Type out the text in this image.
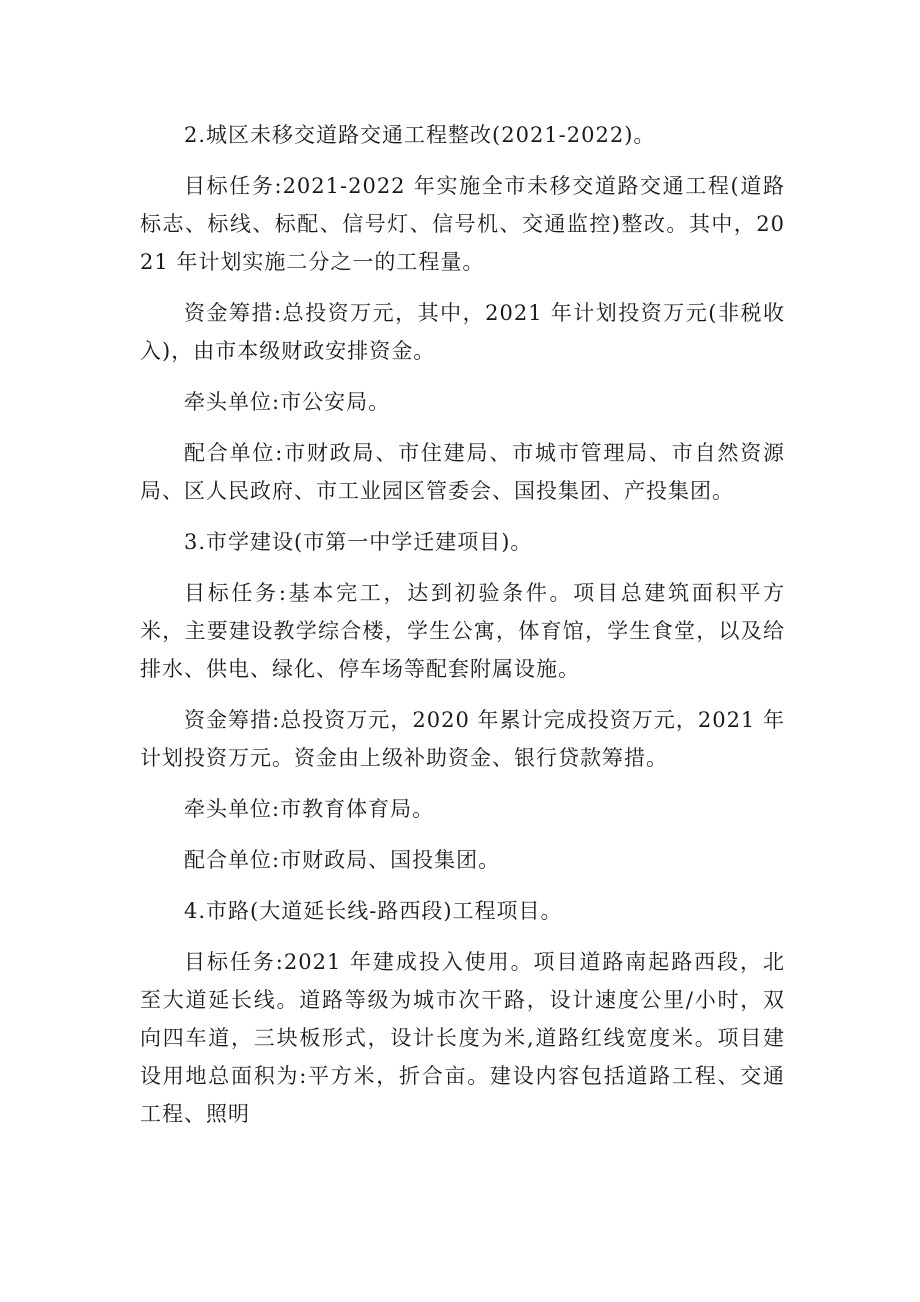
2.城区未移交道路交通工程整改(2021-2022)。

目标任务:2021-2022 年实施全市未移交道路交通工程(道路标志、标线、标配、信号灯、信号机、交通监控)整改。其中，2021 年计划实施二分之一的工程量。

资金筹措:总投资万元，其中，2021 年计划投资万元(非税收入)，由市本级财政安排资金。

牵头单位:市公安局。

配合单位:市财政局、市住建局、市城市管理局、市自然资源局、区人民政府、市工业园区管委会、国投集团、产投集团。

3.市学建设(市第一中学迁建项目)。

目标任务:基本完工，达到初验条件。项目总建筑面积平方米，主要建设教学综合楼，学生公寓，体育馆，学生食堂，以及给排水、供电、绿化、停车场等配套附属设施。

资金筹措:总投资万元，2020 年累计完成投资万元，2021 年计划投资万元。资金由上级补助资金、银行贷款筹措。

牵头单位:市教育体育局。

配合单位:市财政局、国投集团。

4.市路(大道延长线-路西段)工程项目。

目标任务:2021 年建成投入使用。项目道路南起路西段，北至大道延长线。道路等级为城市次干路，设计速度公里/小时，双向四车道，三块板形式，设计长度为米,道路红线宽度米。项目建设用地总面积为:平方米，折合亩。建设内容包括道路工程、交通工程、照明
